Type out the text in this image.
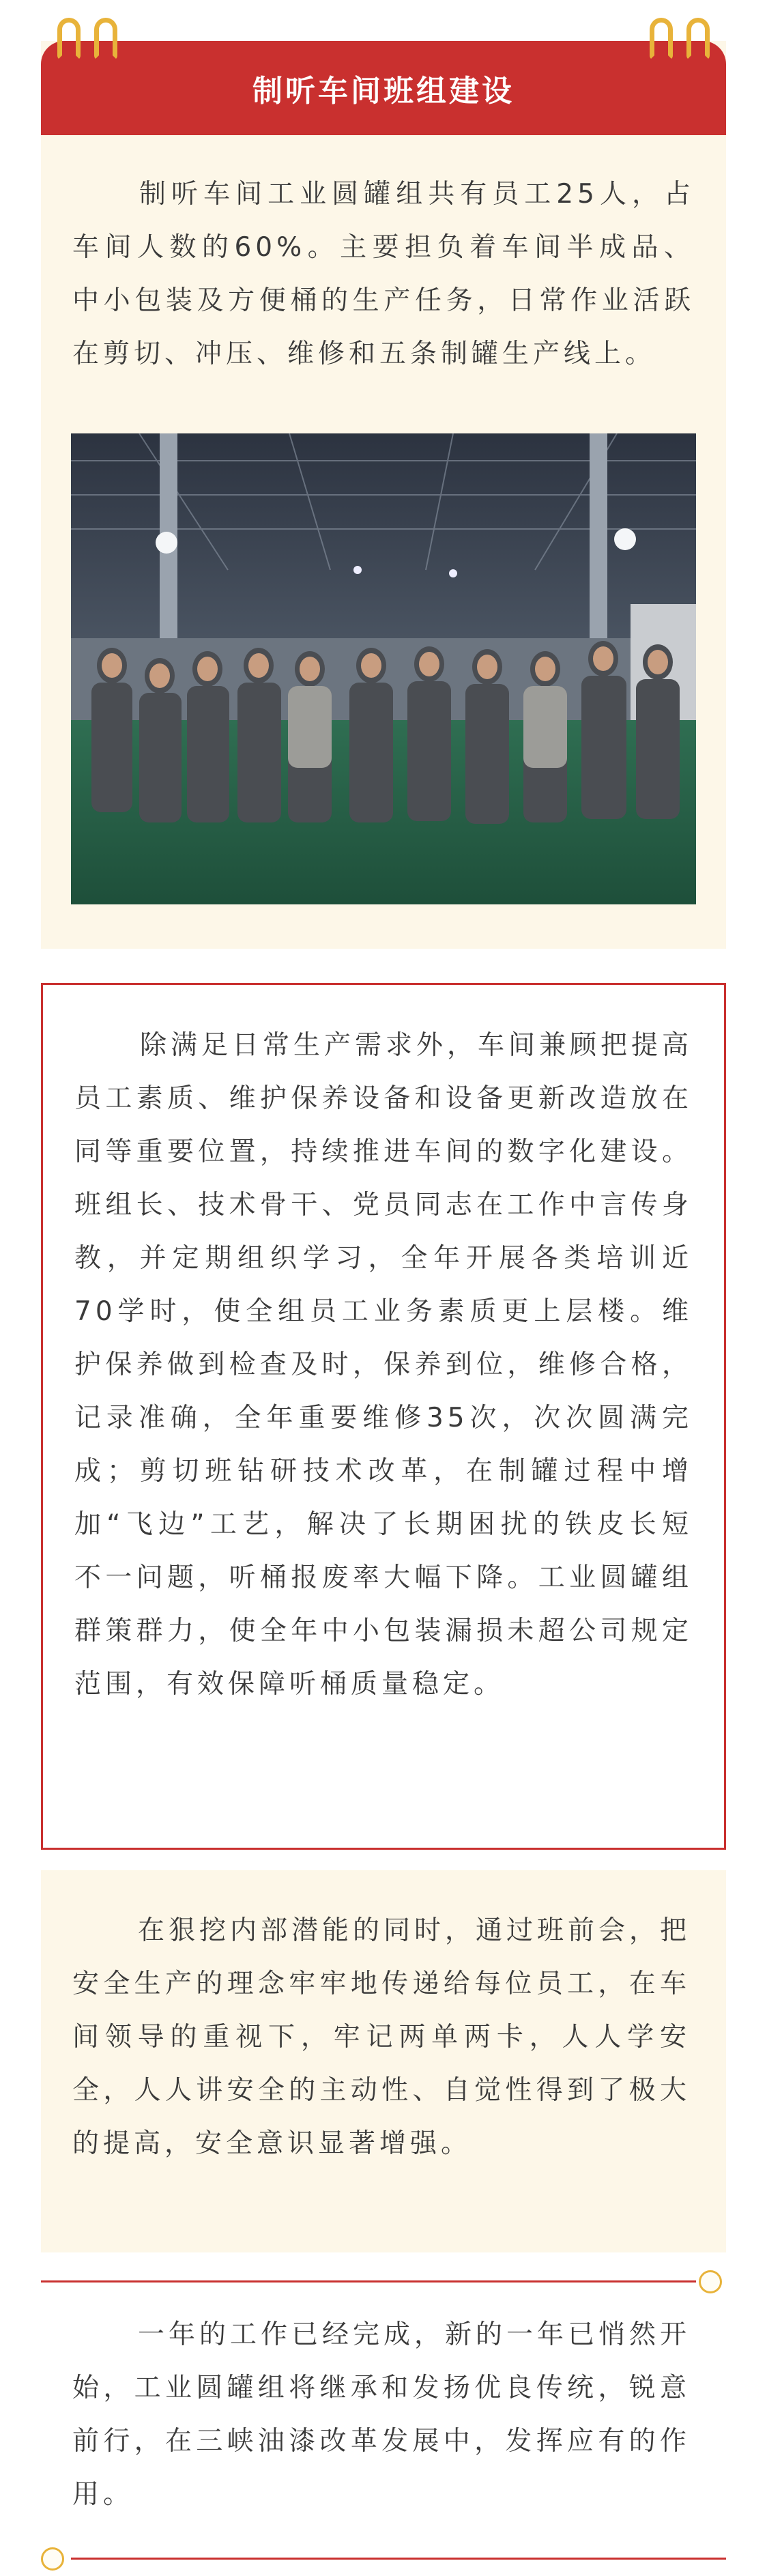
制听车间班组建设

制听车间工业圆罐组共有员工25人，占车间人数的60%。主要担负着车间半成品、中小包装及方便桶的生产任务，日常作业活跃在剪切、冲压、维修和五条制罐生产线上。

除满足日常生产需求外，车间兼顾把提高员工素质、维护保养设备和设备更新改造放在同等重要位置，持续推进车间的数字化建设。班组长、技术骨干、党员同志在工作中言传身教，并定期组织学习，全年开展各类培训近70学时，使全组员工业务素质更上层楼。维护保养做到检查及时，保养到位，维修合格，记录准确，全年重要维修35次，次次圆满完成；剪切班钻研技术改革，在制罐过程中增加“飞边”工艺，解决了长期困扰的铁皮长短不一问题，听桶报废率大幅下降。工业圆罐组群策群力，使全年中小包装漏损未超公司规定范围，有效保障听桶质量稳定。

在狠挖内部潜能的同时，通过班前会，把安全生产的理念牢牢地传递给每位员工，在车间领导的重视下，牢记两单两卡，人人学安全，人人讲安全的主动性、自觉性得到了极大的提高，安全意识显著增强。

一年的工作已经完成，新的一年已悄然开始，工业圆罐组将继承和发扬优良传统，锐意前行，在三峡油漆改革发展中，发挥应有的作用。
